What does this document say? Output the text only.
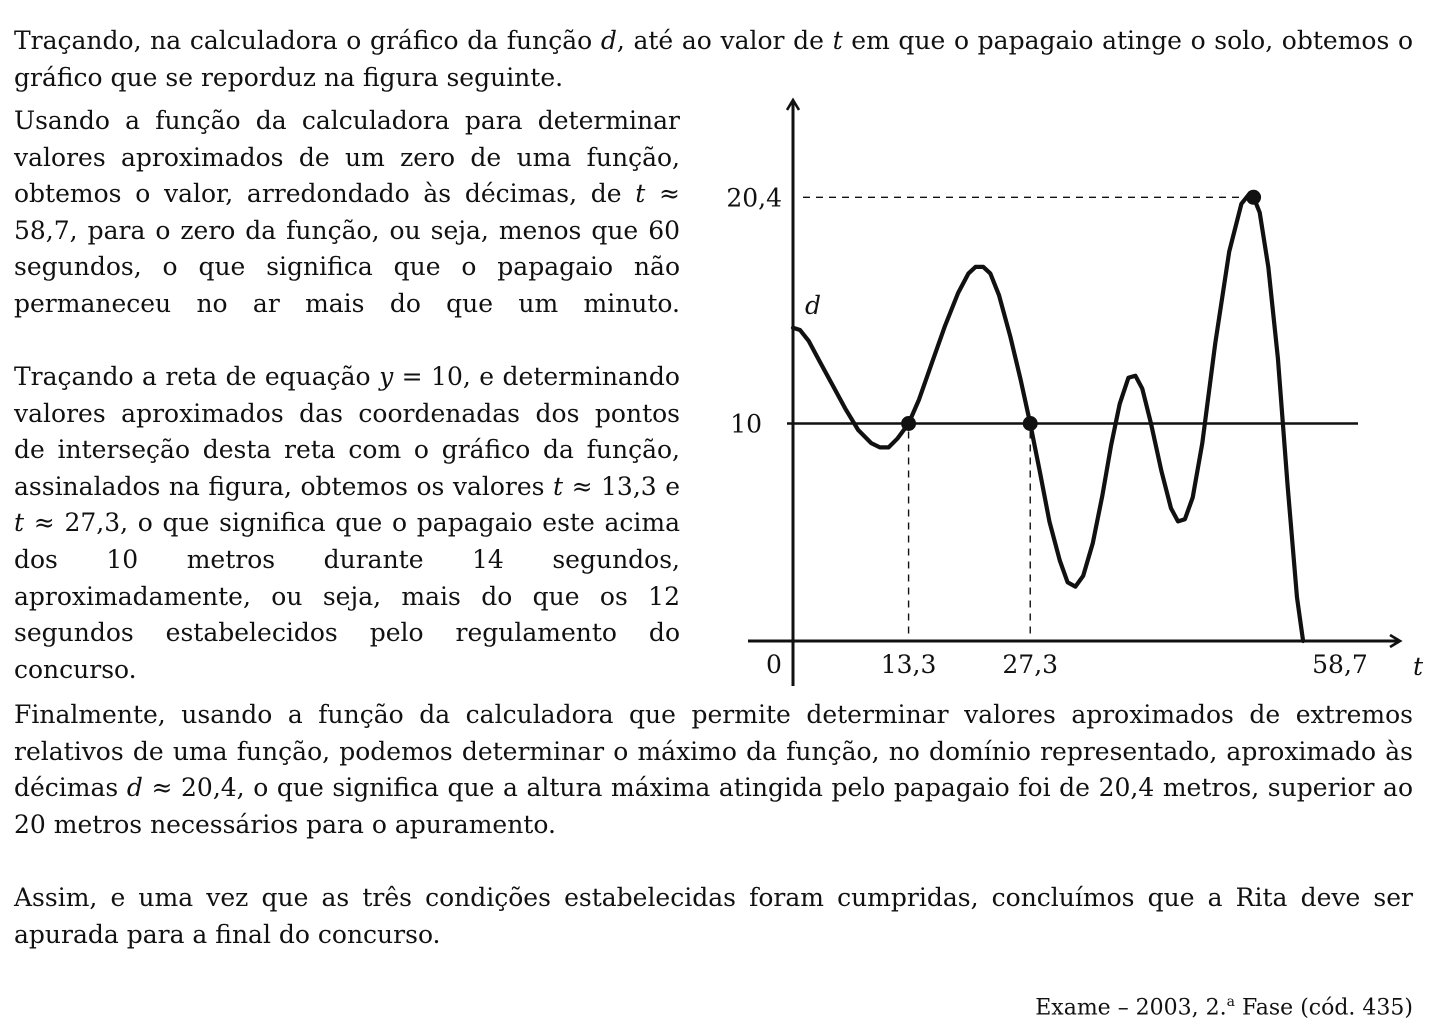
Traçando, na calculadora o gráfico da função d, até ao valor de t em que o papagaio atinge o solo, obtemos o gráfico que se reporduz na figura seguinte.

Usando a função da calculadora para determinar valores aproximados de um zero de uma função, obtemos o valor, arredondado às décimas, de t ≈ 58,7, para o zero da função, ou seja, menos que 60 segundos, o que significa que o papagaio não permaneceu no ar mais do que um minuto.

Traçando a reta de equação y = 10, e determinando valores aproximados das coordenadas dos pontos de interseção desta reta com o gráfico da função, assinalados na figura, obtemos os valores t ≈ 13,3 e t ≈ 27,3, o que significa que o papagaio este acima dos 10 metros durante 14 segundos, aproximadamente, ou seja, mais do que os 12 segundos estabelecidos pelo regulamento do concurso.

Finalmente, usando a função da calculadora que permite determinar valores aproximados de extremos relativos de uma função, podemos determinar o máximo da função, no domínio representado, aproximado às décimas d ≈ 20,4, o que significa que a altura máxima atingida pelo papagaio foi de 20,4 metros, superior ao 20 metros necessários para o apuramento.

Assim, e uma vez que as três condições estabelecidas foram cumpridas, concluímos que a Rita deve ser apurada para a final do concurso.

Exame – 2003, 2.$^a$ Fase (cód. 435)
10
20,4
0	13,3	27,3	58,7 t
d
